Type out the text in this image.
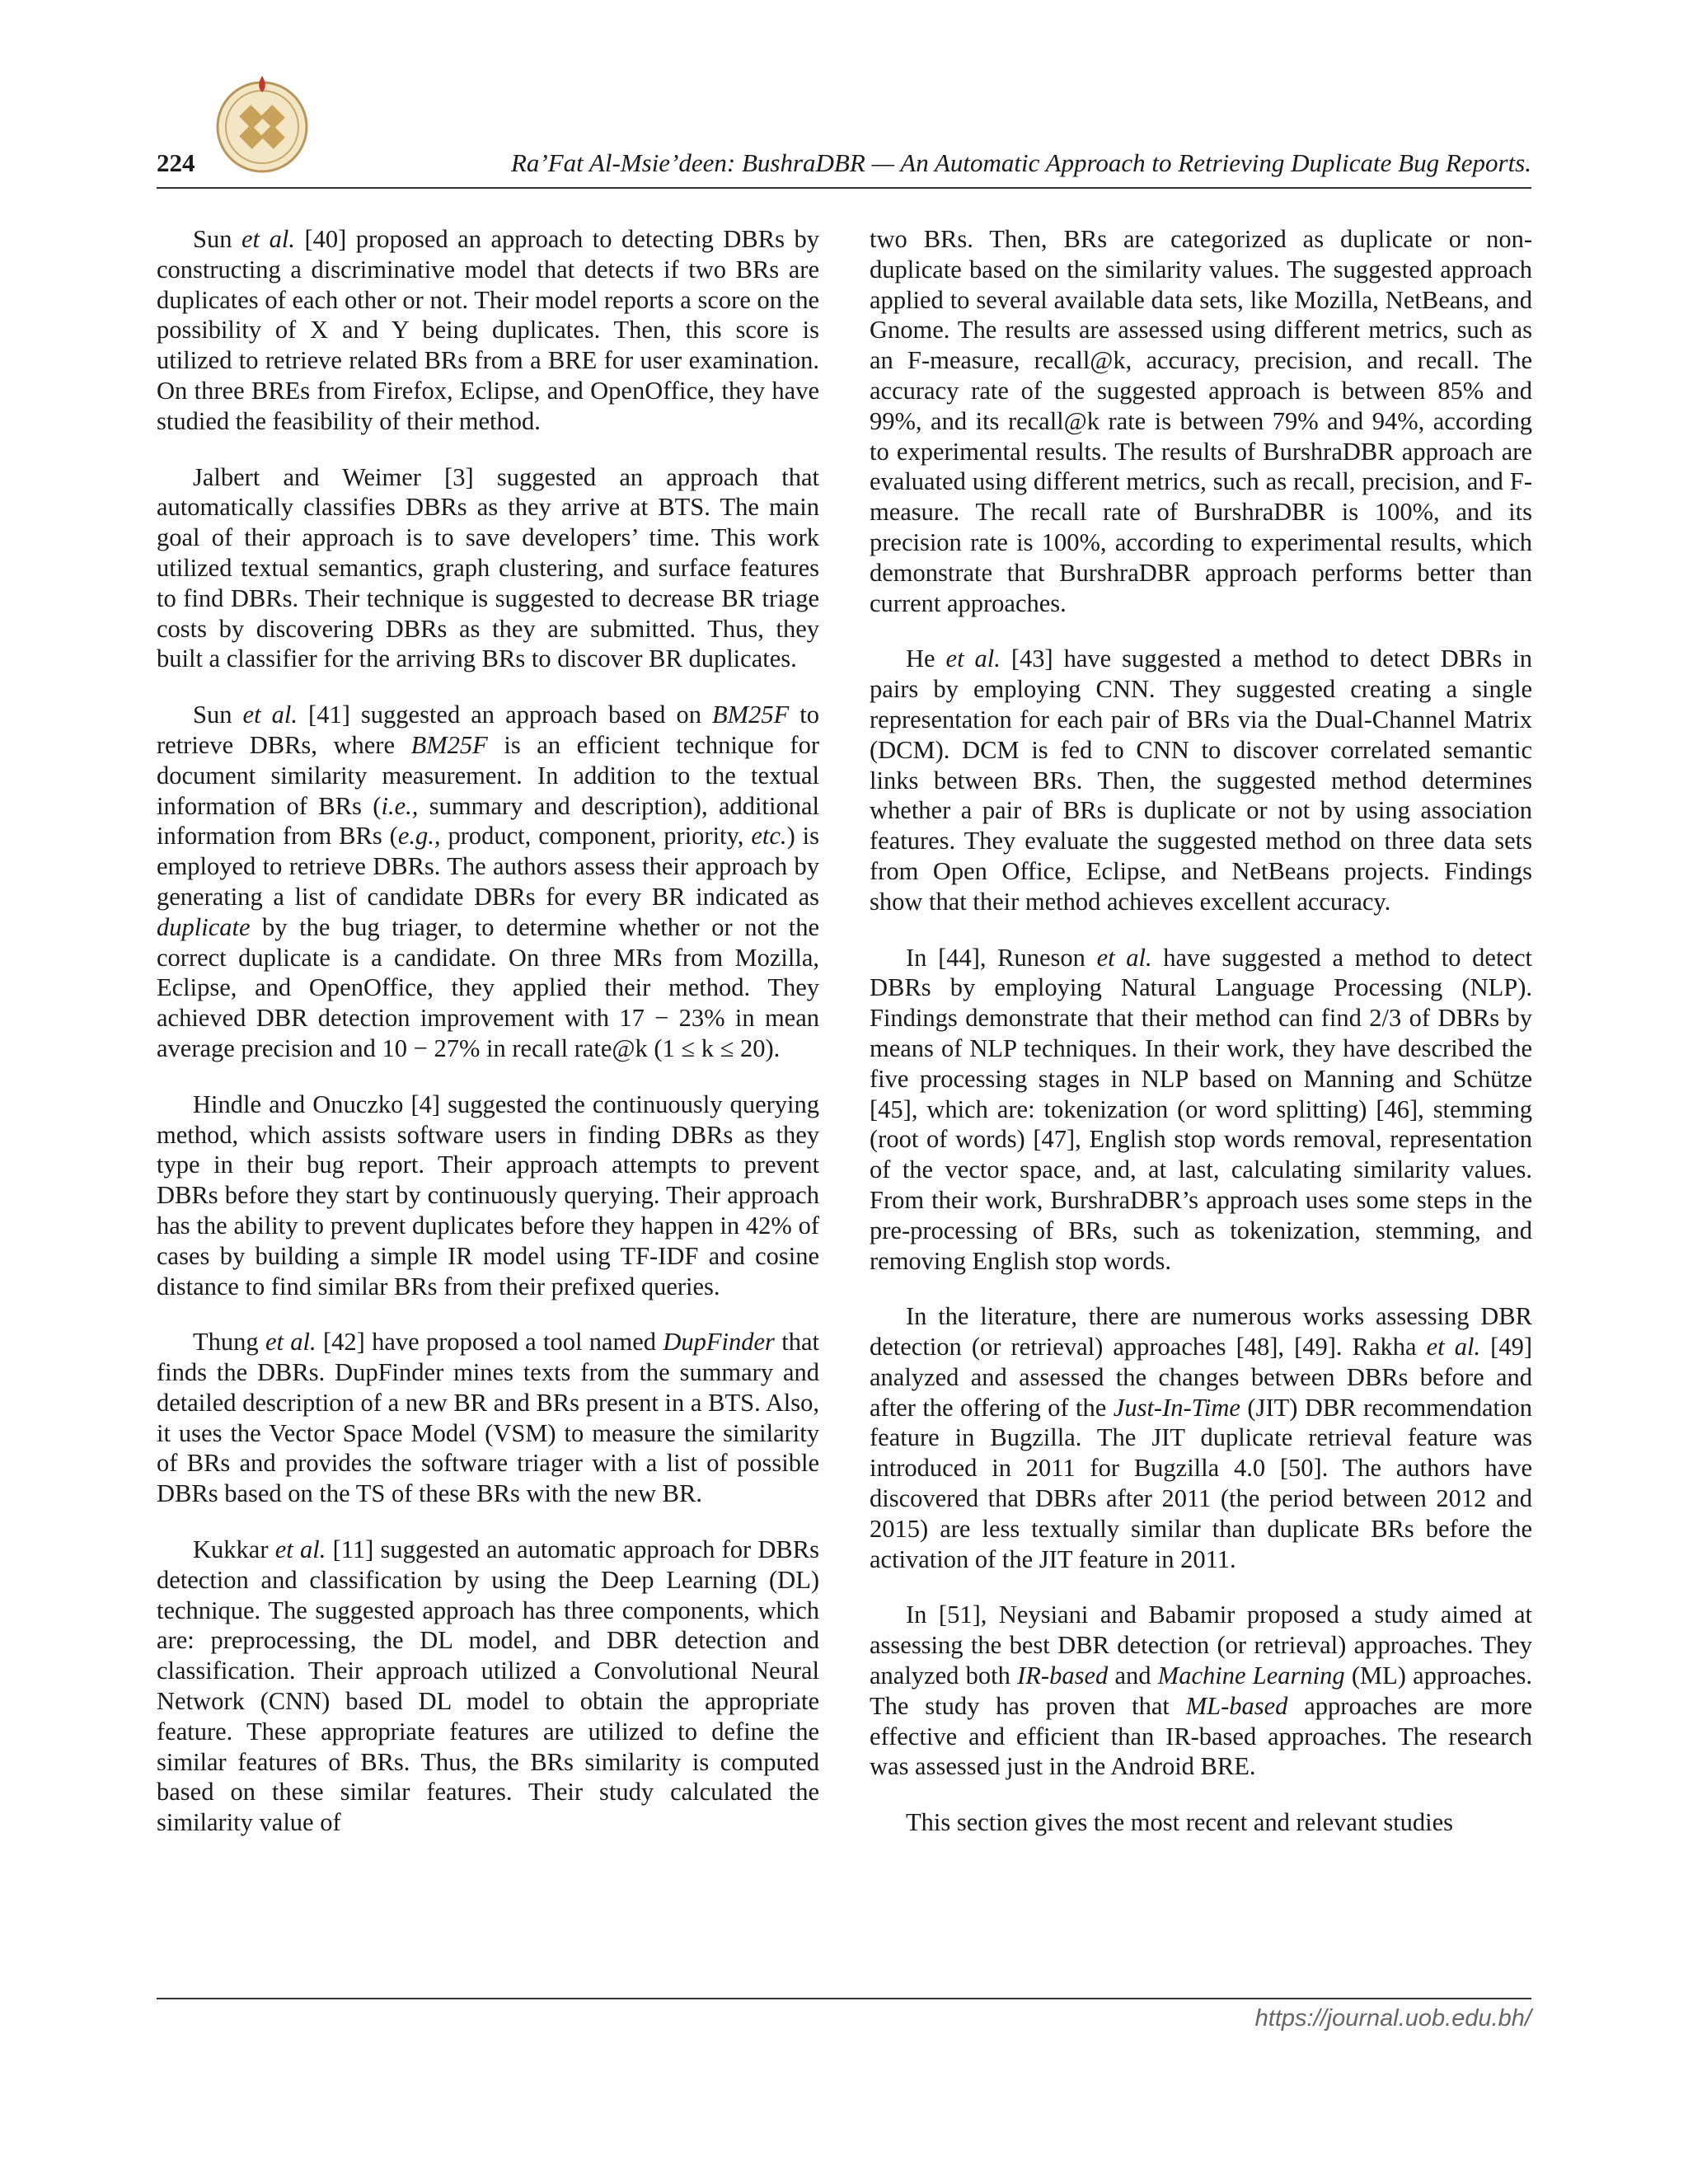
224	Ra’Fat Al-Msie’deen: BushraDBR — An Automatic Approach to Retrieving Duplicate Bug Reports.

Sun et al. [40] proposed an approach to detecting DBRs by constructing a discriminative model that detects if two BRs are duplicates of each other or not. Their model reports a score on the possibility of X and Y being duplicates. Then, this score is utilized to retrieve related BRs from a BRE for user examination. On three BREs from Firefox, Eclipse, and OpenOffice, they have studied the feasibility of their method.

Jalbert and Weimer [3] suggested an approach that automatically classifies DBRs as they arrive at BTS. The main goal of their approach is to save developers’ time. This work utilized textual semantics, graph clustering, and surface features to find DBRs. Their technique is suggested to decrease BR triage costs by discovering DBRs as they are submitted. Thus, they built a classifier for the arriving BRs to discover BR duplicates.

Sun et al. [41] suggested an approach based on BM25F to retrieve DBRs, where BM25F is an efficient technique for document similarity measurement. In addition to the textual information of BRs (i.e., summary and description), additional information from BRs (e.g., product, component, priority, etc.) is employed to retrieve DBRs. The authors assess their approach by generating a list of candidate DBRs for every BR indicated as duplicate by the bug triager, to determine whether or not the correct duplicate is a candidate. On three MRs from Mozilla, Eclipse, and OpenOffice, they applied their method. They achieved DBR detection improvement with 17 − 23% in mean average precision and 10 − 27% in recall rate@k (1 ≤ k ≤ 20).

Hindle and Onuczko [4] suggested the continuously querying method, which assists software users in finding DBRs as they type in their bug report. Their approach attempts to prevent DBRs before they start by continuously querying. Their approach has the ability to prevent duplicates before they happen in 42% of cases by building a simple IR model using TF-IDF and cosine distance to find similar BRs from their prefixed queries.

Thung et al. [42] have proposed a tool named DupFinder that finds the DBRs. DupFinder mines texts from the summary and detailed description of a new BR and BRs present in a BTS. Also, it uses the Vector Space Model (VSM) to measure the similarity of BRs and provides the software triager with a list of possible DBRs based on the TS of these BRs with the new BR.

Kukkar et al. [11] suggested an automatic approach for DBRs detection and classification by using the Deep Learning (DL) technique. The suggested approach has three components, which are: preprocessing, the DL model, and DBR detection and classification. Their approach utilized a Convolutional Neural Network (CNN) based DL model to obtain the appropriate feature. These appropriate features are utilized to define the similar features of BRs. Thus, the BRs similarity is computed based on these similar features. Their study calculated the similarity value of

two BRs. Then, BRs are categorized as duplicate or non-duplicate based on the similarity values. The suggested approach applied to several available data sets, like Mozilla, NetBeans, and Gnome. The results are assessed using different metrics, such as an F-measure, recall@k, accuracy, precision, and recall. The accuracy rate of the suggested approach is between 85% and 99%, and its recall@k rate is between 79% and 94%, according to experimental results. The results of BurshraDBR approach are evaluated using different metrics, such as recall, precision, and F-measure. The recall rate of BurshraDBR is 100%, and its precision rate is 100%, according to experimental results, which demonstrate that BurshraDBR approach performs better than current approaches.

He et al. [43] have suggested a method to detect DBRs in pairs by employing CNN. They suggested creating a single representation for each pair of BRs via the Dual-Channel Matrix (DCM). DCM is fed to CNN to discover correlated semantic links between BRs. Then, the suggested method determines whether a pair of BRs is duplicate or not by using association features. They evaluate the suggested method on three data sets from Open Office, Eclipse, and NetBeans projects. Findings show that their method achieves excellent accuracy.

In [44], Runeson et al. have suggested a method to detect DBRs by employing Natural Language Processing (NLP). Findings demonstrate that their method can find 2/3 of DBRs by means of NLP techniques. In their work, they have described the five processing stages in NLP based on Manning and Schütze [45], which are: tokenization (or word splitting) [46], stemming (root of words) [47], English stop words removal, representation of the vector space, and, at last, calculating similarity values. From their work, BurshraDBR’s approach uses some steps in the pre-processing of BRs, such as tokenization, stemming, and removing English stop words.

In the literature, there are numerous works assessing DBR detection (or retrieval) approaches [48], [49]. Rakha et al. [49] analyzed and assessed the changes between DBRs before and after the offering of the Just-In-Time (JIT) DBR recommendation feature in Bugzilla. The JIT duplicate retrieval feature was introduced in 2011 for Bugzilla 4.0 [50]. The authors have discovered that DBRs after 2011 (the period between 2012 and 2015) are less textually similar than duplicate BRs before the activation of the JIT feature in 2011.

In [51], Neysiani and Babamir proposed a study aimed at assessing the best DBR detection (or retrieval) approaches. They analyzed both IR-based and Machine Learning (ML) approaches. The study has proven that ML-based approaches are more effective and efficient than IR-based approaches. The research was assessed just in the Android BRE.

This section gives the most recent and relevant studies

https://journal.uob.edu.bh/
